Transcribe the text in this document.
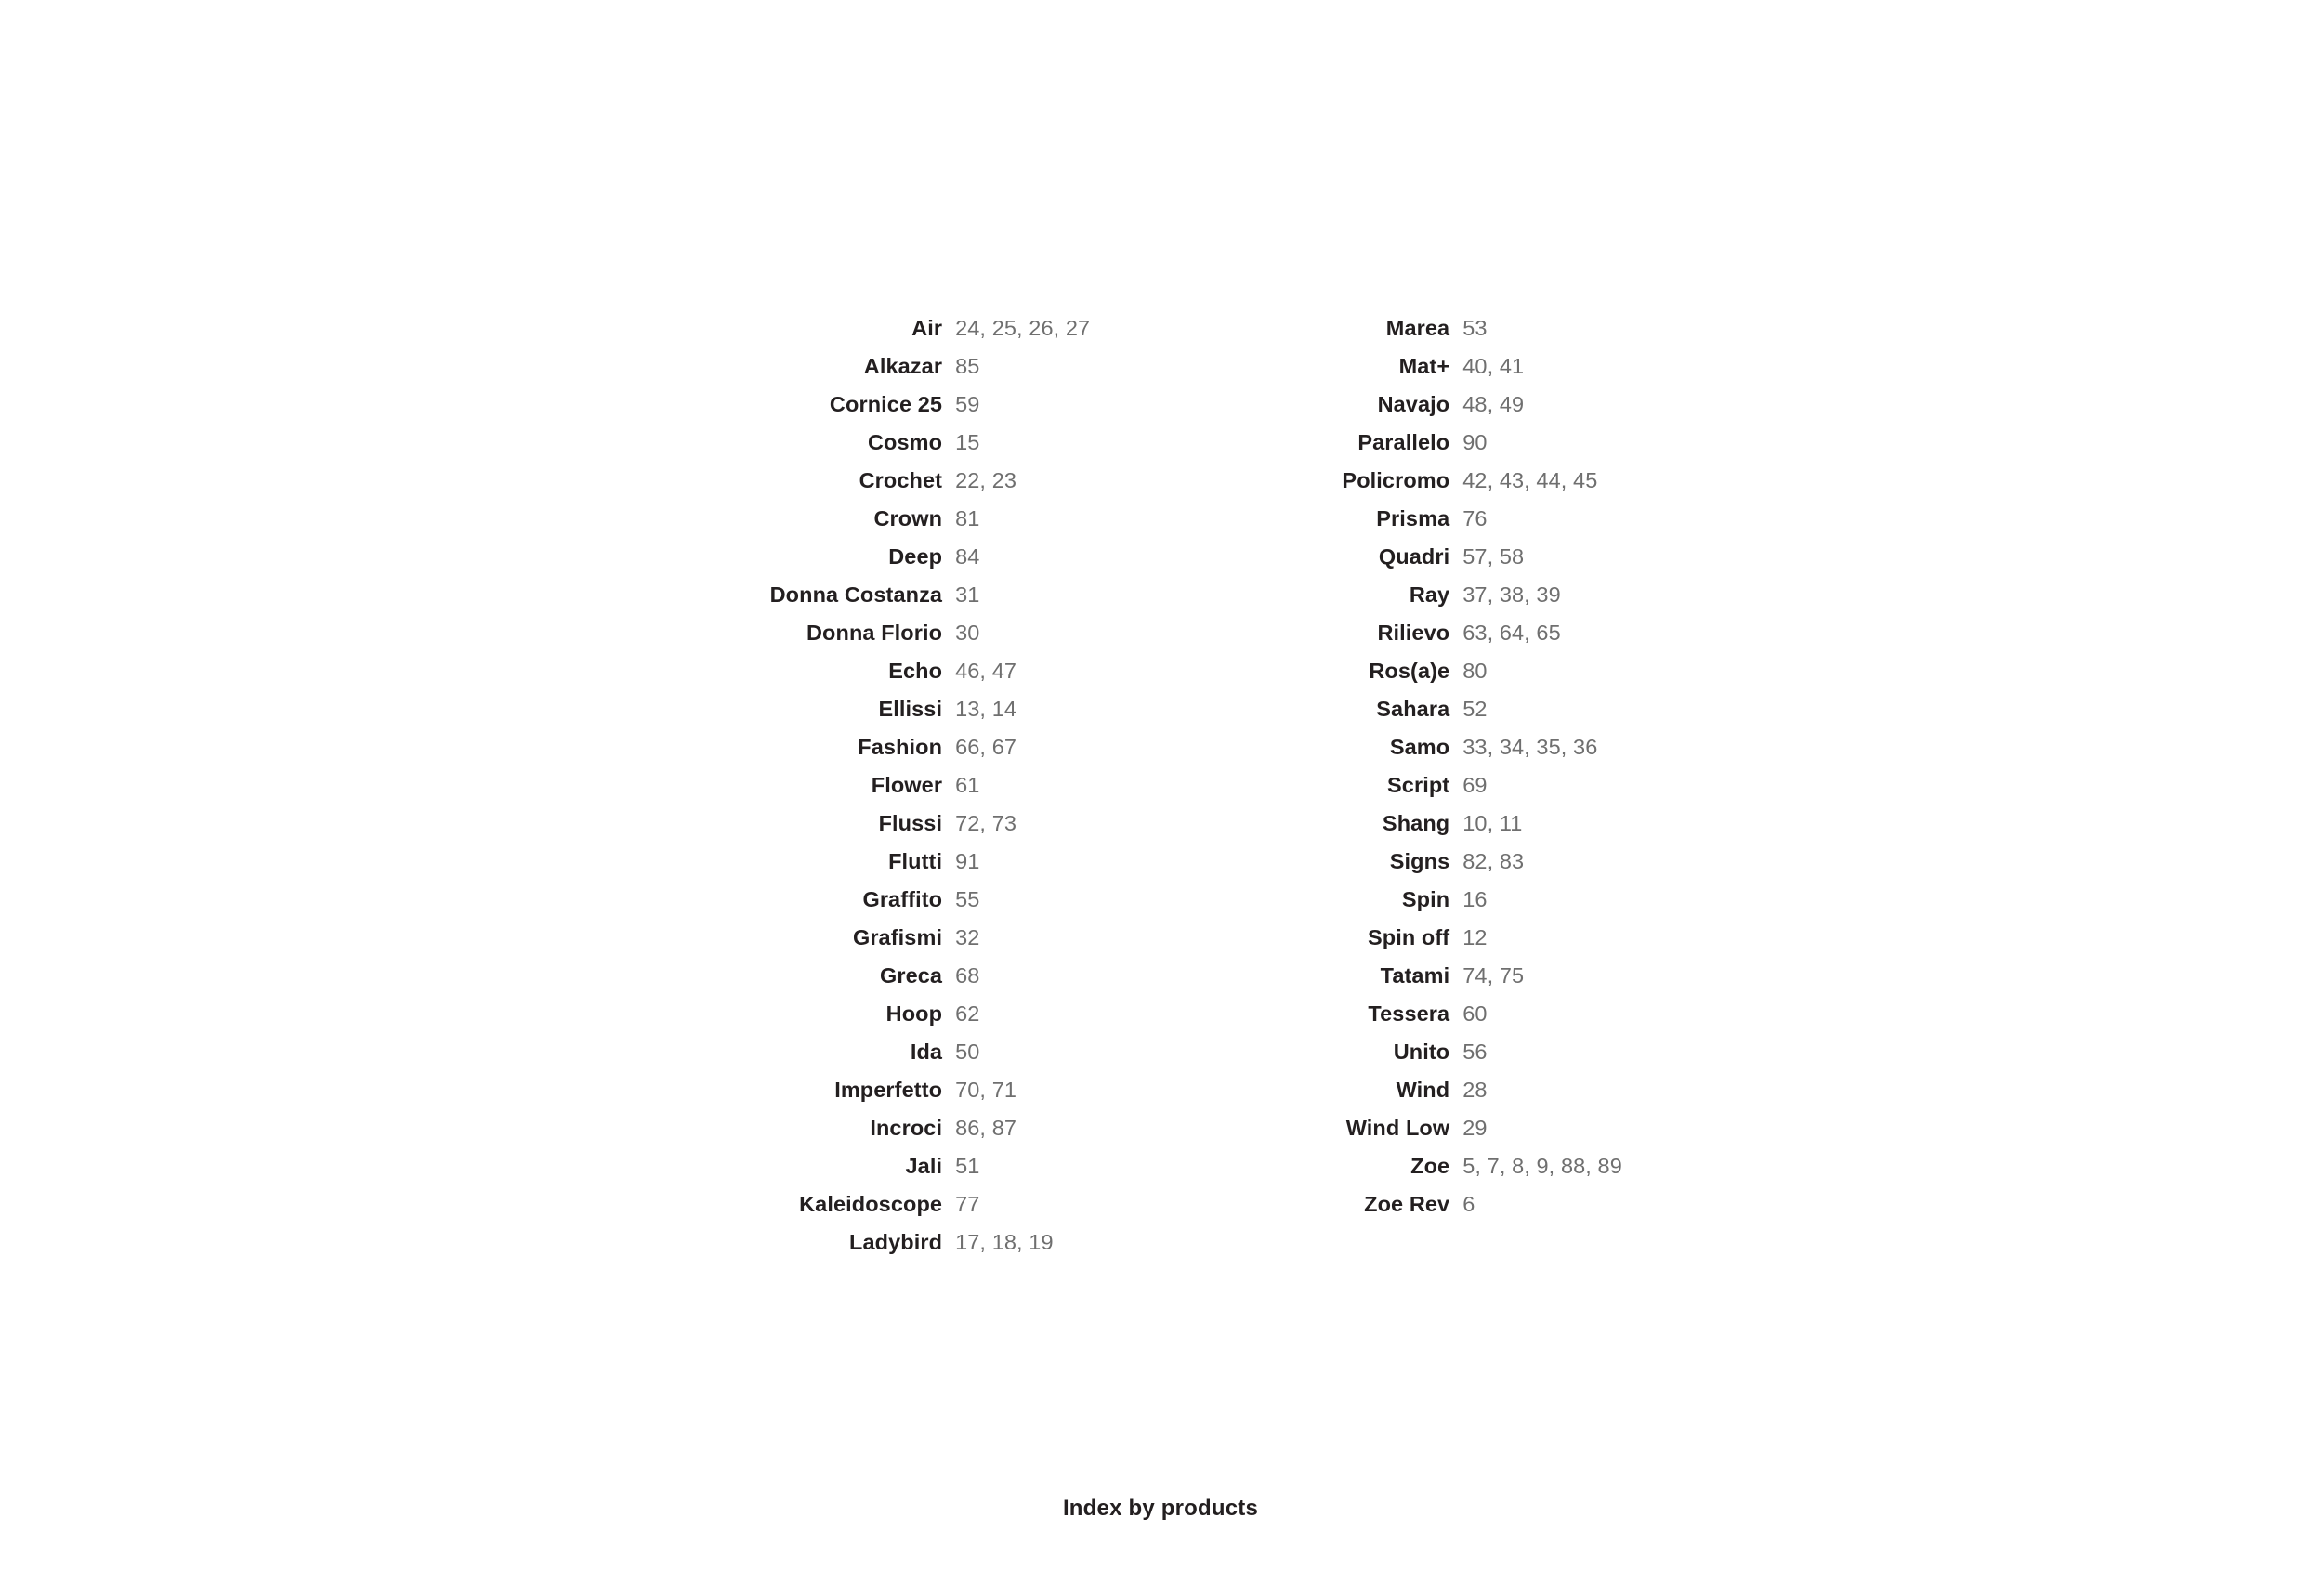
Air 24, 25, 26, 27
Alkazar 85
Cornice 25 59
Cosmo 15
Crochet 22, 23
Crown 81
Deep 84
Donna Costanza 31
Donna Florio 30
Echo 46, 47
Ellissi 13, 14
Fashion 66, 67
Flower 61
Flussi 72, 73
Flutti 91
Graffito 55
Grafismi 32
Greca 68
Hoop 62
Ida 50
Imperfetto 70, 71
Incroci 86, 87
Jali 51
Kaleidoscope 77
Ladybird 17, 18, 19
Marea 53
Mat+ 40, 41
Navajo 48, 49
Parallelo 90
Policromo 42, 43, 44, 45
Prisma 76
Quadri 57, 58
Ray 37, 38, 39
Rilievo 63, 64, 65
Ros(a)e 80
Sahara 52
Samo 33, 34, 35, 36
Script 69
Shang 10, 11
Signs 82, 83
Spin 16
Spin off 12
Tatami 74, 75
Tessera 60
Unito 56
Wind 28
Wind Low 29
Zoe 5, 7, 8, 9, 88, 89
Zoe Rev 6
Index by products
